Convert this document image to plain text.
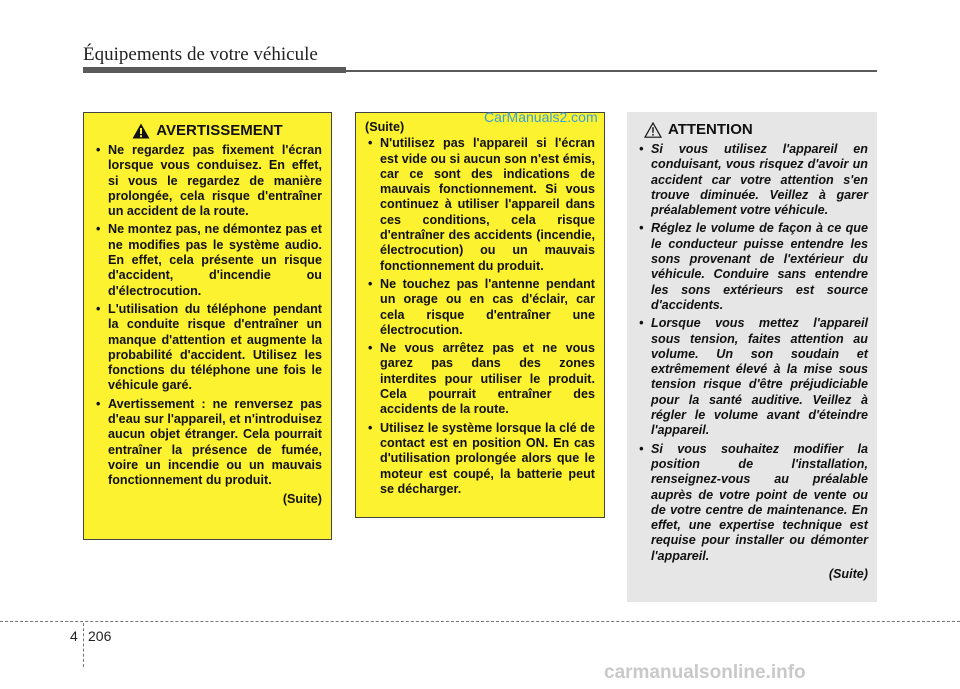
Équipements de votre véhicule
AVERTISSEMENT
• Ne regardez pas fixement l'écran lorsque vous conduisez. En effet, si vous le regardez de manière prolongée, cela risque d'entraîner un accident de la route.
• Ne montez pas, ne démontez pas et ne modifies pas le système audio. En effet, cela présente un risque d'accident, d'incendie ou d'électrocution.
• L'utilisation du téléphone pendant la conduite risque d'entraîner un manque d'attention et augmente la probabilité d'accident. Utilisez les fonctions du téléphone une fois le véhicule garé.
• Avertissement : ne renversez pas d'eau sur l'appareil, et n'introduisez aucun objet étranger. Cela pourrait entraîner la présence de fumée, voire un incendie ou un mauvais fonctionnement du produit.
(Suite)
(Suite)
• N'utilisez pas l'appareil si l'écran est vide ou si aucun son n'est émis, car ce sont des indications de mauvais fonctionnement. Si vous continuez à utiliser l'appareil dans ces conditions, cela risque d'entraîner des accidents (incendie, électrocution) ou un mauvais fonctionnement du produit.
• Ne touchez pas l'antenne pendant un orage ou en cas d'éclair, car cela risque d'entraîner une électrocution.
• Ne vous arrêtez pas et ne vous garez pas dans des zones interdites pour utiliser le produit. Cela pourrait entraîner des accidents de la route.
• Utilisez le système lorsque la clé de contact est en position ON. En cas d'utilisation prolongée alors que le moteur est coupé, la batterie peut se décharger.
ATTENTION
• Si vous utilisez l'appareil en conduisant, vous risquez d'avoir un accident car votre attention s'en trouve diminuée. Veillez à garer préalablement votre véhicule.
• Réglez le volume de façon à ce que le conducteur puisse entendre les sons provenant de l'extérieur du véhicule. Conduire sans entendre les sons extérieurs est source d'accidents.
• Lorsque vous mettez l'appareil sous tension, faites attention au volume. Un son soudain et extrêmement élevé à la mise sous tension risque d'être préjudiciable pour la santé auditive. Veillez à régler le volume avant d'éteindre l'appareil.
• Si vous souhaitez modifier la position de l'installation, renseignez-vous au préalable auprès de votre point de vente ou de votre centre de maintenance. En effet, une expertise technique est requise pour installer ou démonter l'appareil.
(Suite)
CarManuals2.com
4 206
carmanualsonline.info
